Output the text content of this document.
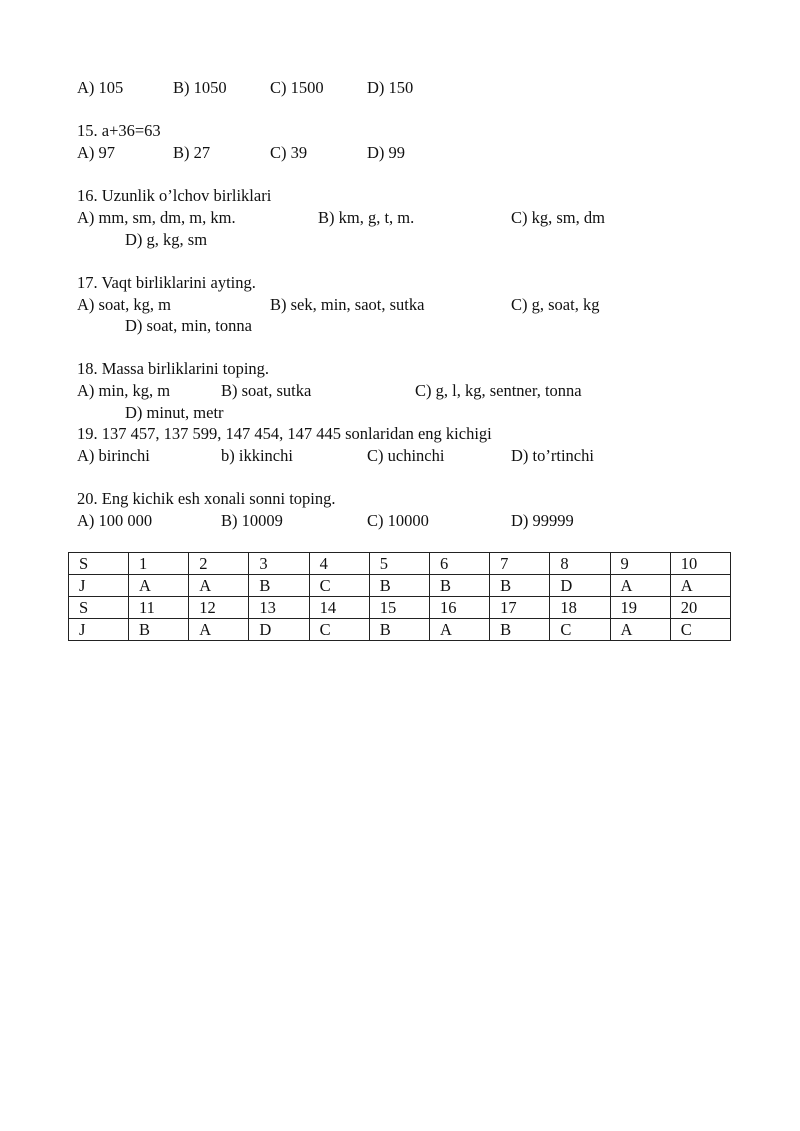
A) 105	B) 1050	C) 1500	D) 150
15. a+36=63
A) 97	B) 27	C) 39	D) 99
16. Uzunlik o’lchov birliklari
A) mm, sm, dm, m, km.	B) km, g, t, m.	C) kg, sm, dm
D) g, kg, sm
17. Vaqt birliklarini ayting.
A) soat, kg, m	B) sek, min, saot, sutka	C) g, soat, kg
D) soat, min, tonna
18. Massa birliklarini toping.
A) min, kg, m	B) soat, sutka	C) g, l, kg, sentner, tonna
D) minut, metr
19. 137 457, 137 599, 147 454, 147 445 sonlaridan eng kichigi
A) birinchi	b) ikkinchi	C) uchinchi	D) to’rtinchi
20. Eng kichik esh xonali sonni toping.
A) 100 000	B) 10009	C) 10000	D) 99999
S	1	2	3	4	5	6	7	8	9	10
J	A	A	B	C	B	B	B	D	A	A
S	11	12	13	14	15	16	17	18	19	20
J	B	A	D	C	B	A	B	C	A	C
